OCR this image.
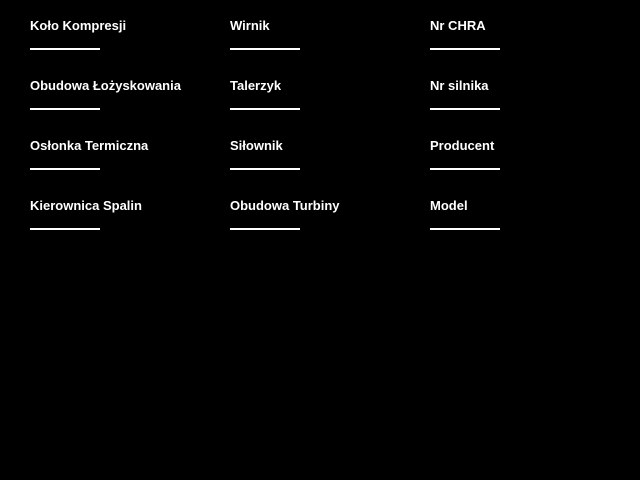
Koło Kompresji
Obudowa Łożyskowania
Osłonka Termiczna
Kierownica Spalin
Wirnik
Talerzyk
Siłownik
Obudowa Turbiny
Nr CHRA
Nr silnika
Producent
Model
